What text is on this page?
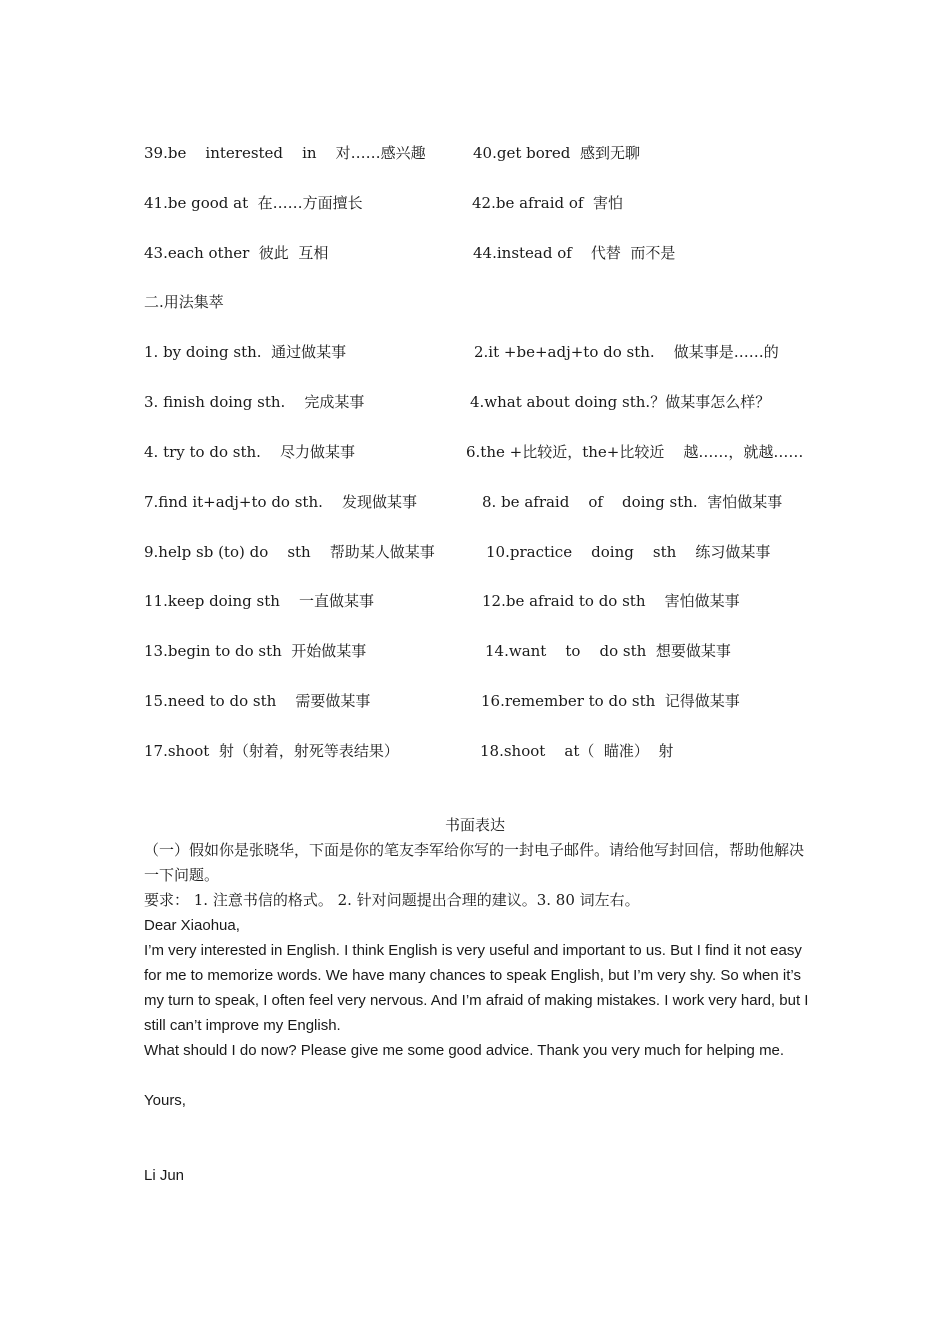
39.be    interested    in    对……感兴趣	40.get bored  感到无聊
41.be good at  在……方面擅长	42.be afraid of  害怕
43.each other  彼此  互相	44.instead of    代替  而不是
二.用法集萃
1. by doing sth.  通过做某事	2.it +be+adj+to do sth.    做某事是……的
3. finish doing sth.    完成某事	4.what about doing sth.？做某事怎么样？
4. try to do sth.    尽力做某事	6.the +比较近，the+比较近    越……，就越……
7.find it+adj+to do sth.    发现做某事	8. be afraid    of    doing sth.  害怕做某事
9.help sb (to) do    sth    帮助某人做某事	10.practice    doing    sth    练习做某事
11.keep doing sth    一直做某事	12.be afraid to do sth    害怕做某事
13.begin to do sth  开始做某事	14.want    to    do sth  想要做某事
15.need to do sth    需要做某事	16.remember to do sth  记得做某事
17.shoot  射（射着，射死等表结果）	18.shoot    at（  瞄准）  射
书面表达
（一）假如你是张晓华，下面是你的笔友李军给你写的一封电子邮件。请给他写封回信，帮助他解决一下问题。
要求： 1. 注意书信的格式。 2. 针对问题提出合理的建议。3. 80 词左右。
Dear Xiaohua,
I’m very interested in English. I think English is very useful and important to us. But I find it not easy for me to memorize words. We have many chances to speak English, but I’m very shy. So when it’s my turn to speak, I often feel very nervous. And I’m afraid of making mistakes. I work very hard, but I still can’t improve my English.
What should I do now? Please give me some good advice. Thank you very much for helping me.
Yours,
Li Jun
